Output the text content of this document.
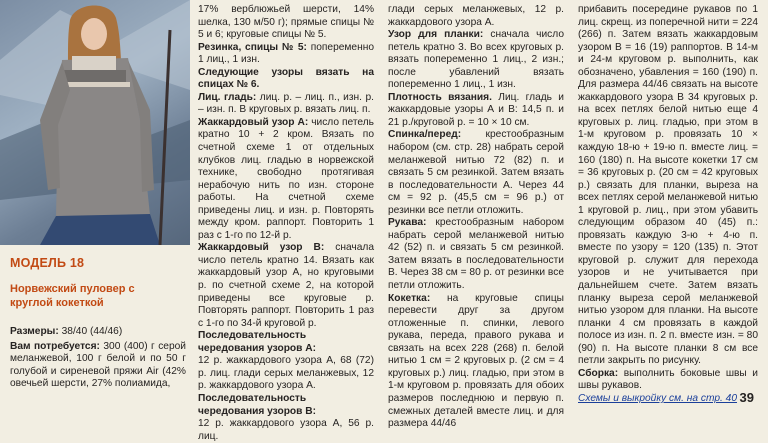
МОДЕЛЬ 18
Норвежский пуловер с круглой кокеткой
Размеры: 38/40 (44/46)
Вам потребуется: 300 (400) г серой меланжевой, 100 г белой и по 50 г голубой и сиреневой пряжи Air (42% овечьей шерсти, 27% полиамида,

17% верблюжьей шерсти, 14% шелка, 130 м/50 г); прямые спицы № 5 и 6; круговые спицы № 5.

Резинка, спицы № 5: попеременно 1 лиц., 1 изн.

Следующие узоры вязать на спицах № 6.

Лиц. гладь: лиц. р. – лиц. п., изн. р. – изн. п. В круговых р. вязать лиц. п.

Жаккардовый узор А: число петель кратно 10 + 2 кром. Вязать по счетной схеме 1 от отдельных клубков лиц. гладью в норвежской технике, свободно протягивая нерабочую нить по изн. стороне работы. На счетной схеме приведены лиц. и изн. р. Повторять между кром. раппорт. Повторить 1 раз с 1-го по 12-й р.

Жаккардовый узор В: сначала число петель кратно 14. Вязать как жаккардовый узор А, но круговыми р. по счетной схеме 2, на которой приведены все круговые р. Повторять раппорт. Повторить 1 раз с 1-го по 34-й круговой р.

Последовательность чередования узоров А:

12 р. жаккардового узора А, 68 (72) р. лиц. глади серых меланжевых, 12 р. жаккардового узора А.

Последовательность чередования узоров В:

12 р. жаккардового узора А, 56 р. лиц.

глади серых меланжевых, 12 р. жаккардового узора А.

Узор для планки: сначала число петель кратно 3. Во всех круговых р. вязать попеременно 1 лиц., 2 изн.; после убавлений вязать попеременно 1 лиц., 1 изн.

Плотность вязания. Лиц. гладь и жаккардовые узоры А и В: 14,5 п. и 21 р./круговой р. = 10 × 10 см.

Спинка/перед: крестообразным набором (см. стр. 28) набрать серой меланжевой нитью 72 (82) п. и связать 5 см резинкой. Затем вязать в последовательности А. Через 44 см = 92 р. (45,5 см = 96 р.) от резинки все петли отложить.

Рукава: крестообразным набором набрать серой меланжевой нитью 42 (52) п. и связать 5 см резинкой. Затем вязать в последовательности В. Через 38 см = 80 р. от резинки все петли отложить.

Кокетка: на круговые спицы перевести друг за другом отложенные п. спинки, левого рукава, переда, правого рукава и связать на всех 228 (268) п. белой нитью 1 см = 2 круговых р. (2 см = 4 круговых р.) лиц. гладью, при этом в 1-м круговом р. провязать для обоих размеров последнюю и первую п. смежных деталей вместе лиц. и для размера 44/46

прибавить посередине рукавов по 1 лиц. скрещ. из поперечной нити = 224 (266) п. Затем вязать жаккардовым узором В = 16 (19) раппортов. В 14-м и 24-м круговом р. выполнить, как обозначено, убавления = 160 (190) п. Для размера 44/46 связать на высоте жаккардового узора В 34 круговых р. на всех петлях белой нитью еще 4 круговых р. лиц. гладью, при этом в 1-м круговом р. провязать 10 × каждую 18-ю + 19-ю п. вместе лиц. = 160 (180) п. На высоте кокетки 17 см = 36 круговых р. (20 см = 42 круговых р.) связать для планки, выреза на всех петлях серой меланжевой нитью 1 круговой р. лиц., при этом убавить следующим образом 40 (45) п.: провязать каждую 3-ю + 4-ю п. вместе по узору = 120 (135) п. Этот круговой р. служит для перехода узоров и не учитывается при дальнейшем счете. Затем вязать планку выреза серой меланжевой нитью узором для планки. На высоте планки 4 см провязать в каждой полосе из изн. п. 2 п. вместе изн. = 80 (90) п. На высоте планки 8 см все петли закрыть по рисунку.

Сборка: выполнить боковые швы и швы рукавов.

Схемы и выкройку см. на стр. 40 39
